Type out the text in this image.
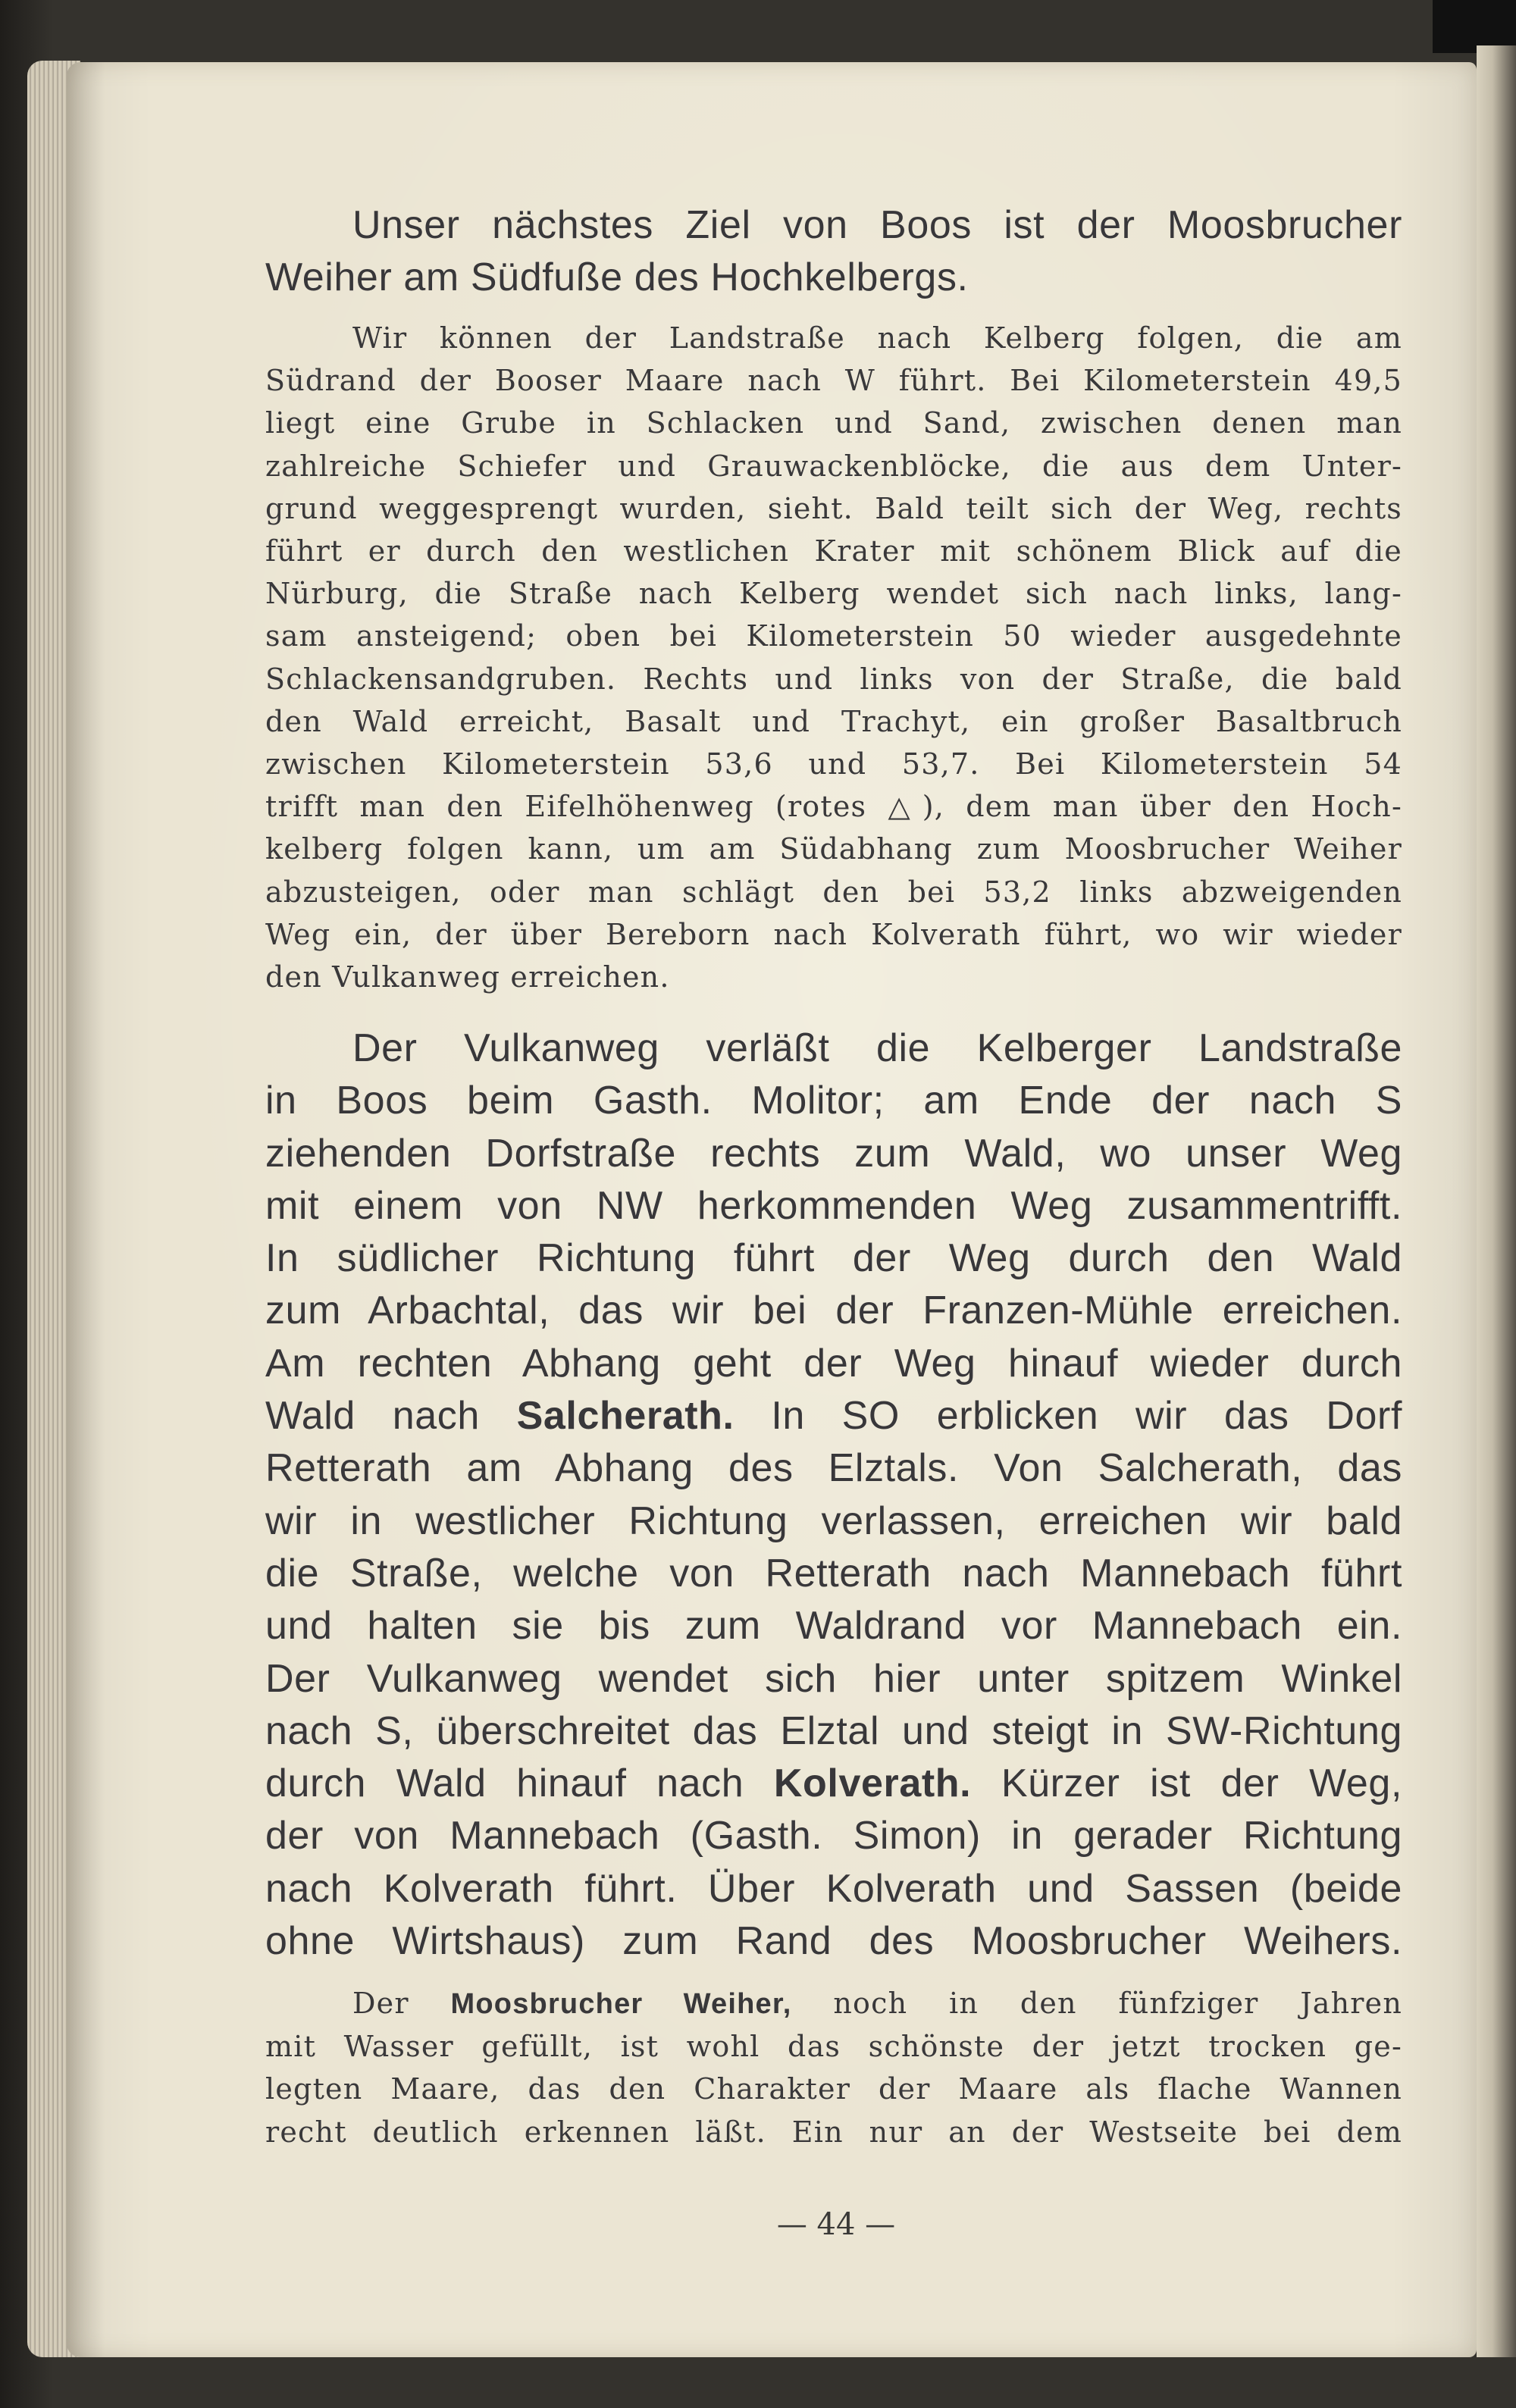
Unser nächstes Ziel von Boos ist der Moosbrucher
Weiher am Südfuße des Hochkelbergs.
Wir können der Landstraße nach Kelberg folgen, die am
Südrand der Booser Maare nach W führt. Bei Kilometerstein 49,5
liegt eine Grube in Schlacken und Sand, zwischen denen man
zahlreiche Schiefer und Grauwackenblöcke, die aus dem Unter-
grund weggesprengt wurden, sieht. Bald teilt sich der Weg, rechts
führt er durch den westlichen Krater mit schönem Blick auf die
Nürburg, die Straße nach Kelberg wendet sich nach links, lang-
sam ansteigend; oben bei Kilometerstein 50 wieder ausgedehnte
Schlackensandgruben. Rechts und links von der Straße, die bald
den Wald erreicht, Basalt und Trachyt, ein großer Basaltbruch
zwischen Kilometerstein 53,6 und 53,7. Bei Kilometerstein 54
trifft man den Eifelhöhenweg (rotes △), dem man über den Hoch-
kelberg folgen kann, um am Südabhang zum Moosbrucher Weiher
abzusteigen, oder man schlägt den bei 53,2 links abzweigenden
Weg ein, der über Bereborn nach Kolverath führt, wo wir wieder
den Vulkanweg erreichen.
Der Vulkanweg verläßt die Kelberger Landstraße
in Boos beim Gasth. Molitor; am Ende der nach S
ziehenden Dorfstraße rechts zum Wald, wo unser Weg
mit einem von NW herkommenden Weg zusammentrifft.
In südlicher Richtung führt der Weg durch den Wald
zum Arbachtal, das wir bei der Franzen-Mühle erreichen.
Am rechten Abhang geht der Weg hinauf wieder durch
Wald nach Salcherath. In SO erblicken wir das Dorf
Retterath am Abhang des Elztals. Von Salcherath, das
wir in westlicher Richtung verlassen, erreichen wir bald
die Straße, welche von Retterath nach Mannebach führt
und halten sie bis zum Waldrand vor Mannebach ein.
Der Vulkanweg wendet sich hier unter spitzem Winkel
nach S, überschreitet das Elztal und steigt in SW-Richtung
durch Wald hinauf nach Kolverath. Kürzer ist der Weg,
der von Mannebach (Gasth. Simon) in gerader Richtung
nach Kolverath führt. Über Kolverath und Sassen (beide
ohne Wirtshaus) zum Rand des Moosbrucher Weihers.
Der Moosbrucher Weiher, noch in den fünfziger Jahren
mit Wasser gefüllt, ist wohl das schönste der jetzt trocken ge-
legten Maare, das den Charakter der Maare als flache Wannen
recht deutlich erkennen läßt. Ein nur an der Westseite bei dem
— 44 —
